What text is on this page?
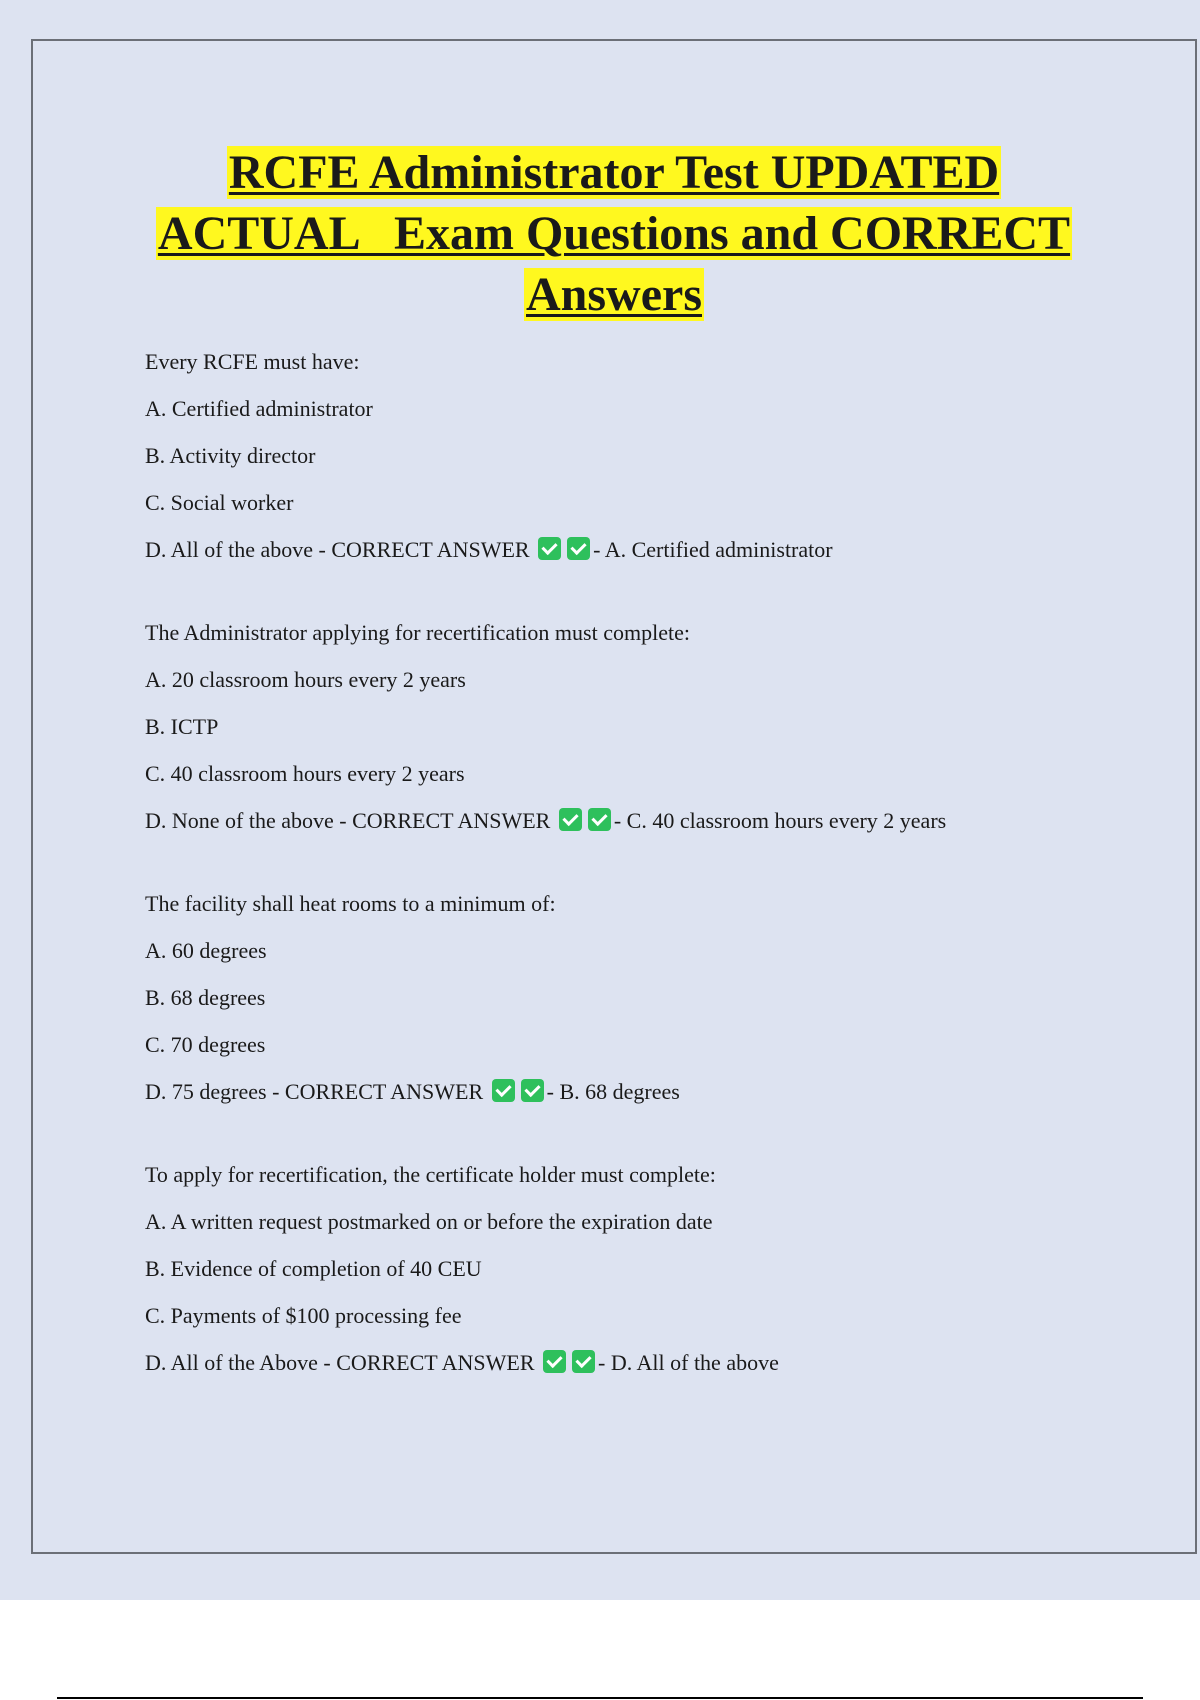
RCFE Administrator Test UPDATED
ACTUAL   Exam Questions and CORRECT
Answers
Every RCFE must have:
A. Certified administrator
B. Activity director
C. Social worker
D. All of the above - CORRECT ANSWER	- A. Certified administrator
The Administrator applying for recertification must complete:
A. 20 classroom hours every 2 years
B. ICTP
C. 40 classroom hours every 2 years
D. None of the above - CORRECT ANSWER	- C. 40 classroom hours every 2 years
The facility shall heat rooms to a minimum of:
A. 60 degrees
B. 68 degrees
C. 70 degrees
D. 75 degrees - CORRECT ANSWER	- B. 68 degrees
To apply for recertification, the certificate holder must complete:
A. A written request postmarked on or before the expiration date
B. Evidence of completion of 40 CEU
C. Payments of $100 processing fee
D. All of the Above - CORRECT ANSWER	- D. All of the above
